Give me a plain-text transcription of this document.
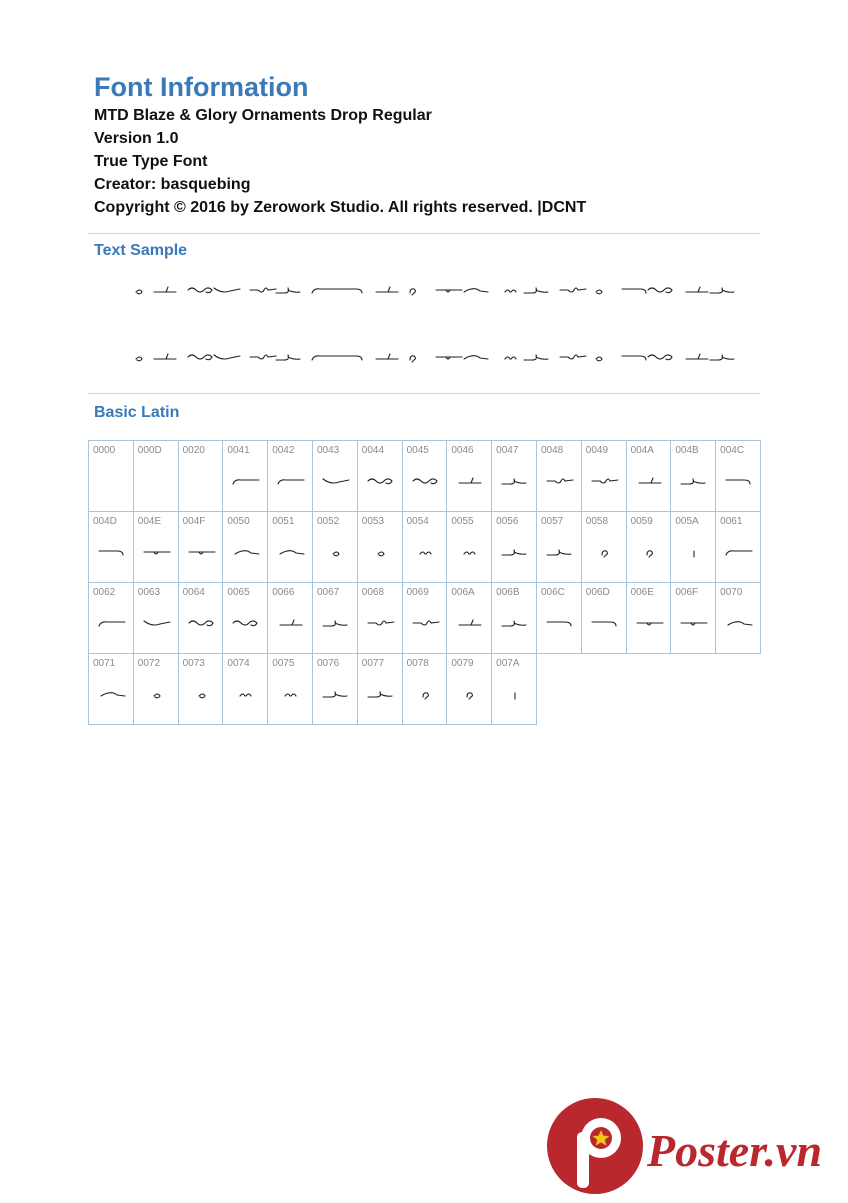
Font Information
MTD Blaze & Glory Ornaments Drop Regular
Version 1.0
True Type Font
Creator: basquebing
Copyright © 2016 by Zerowork Studio. All rights reserved. |DCNT
Text Sample
Basic Latin
0000 000D 0020 0041 0042 0043 0044 0045 0046 0047 0048 0049 004A 004B 004C
004D 004E 004F 0050 0051 0052 0053 0054 0055 0056 0057 0058 0059 005A 0061
0062 0063 0064 0065 0066 0067 0068 0069 006A 006B 006C 006D 006E 006F 0070
0071 0072 0073 0074 0075 0076 0077 0078 0079 007A
Poster.vn
